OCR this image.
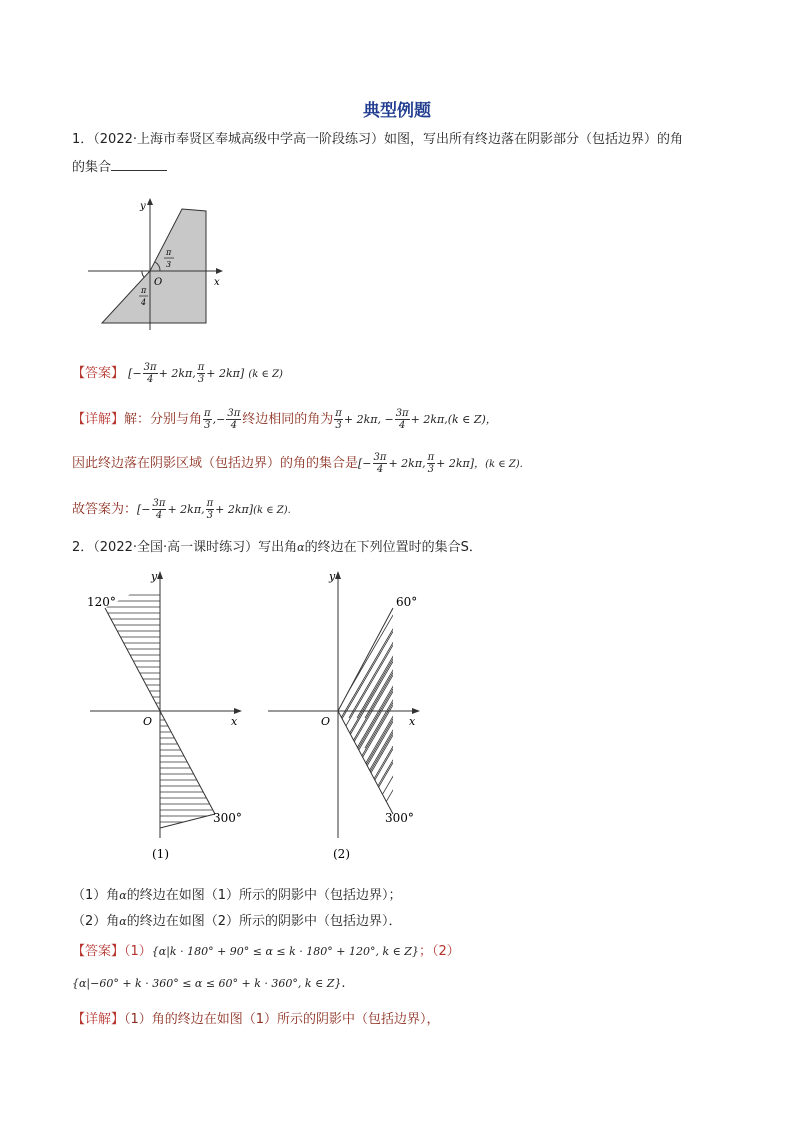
典型例题
1．（2022·上海市奉贤区奉城高级中学高一阶段练习）如图，写出所有终边落在阴影部分（包括边界）的角
的集合
y
x
O
π
3
π
4
【答案】 [− $\frac{3\pi}{4} + 2k\pi$, $\frac{\pi}{3} + 2k\pi$] (k ∈ Z)
【详解】解：分别与角 $\frac{\pi}{3}$ ,− $\frac{3\pi}{4}$ 终边相同的角为 $\frac{\pi}{3} + 2k\pi$, − $\frac{3\pi}{4} + 2k\pi,(k$ ∈ Z)，
因此终边落在阴影区域（包括边界）的角的集合是[− $\frac{3\pi}{4} + 2k\pi$, $\frac{\pi}{3} + 2k\pi$]，(k ∈ Z).
故答案为：[− $\frac{3\pi}{4} + 2k\pi$, $\frac{\pi}{3} + 2k\pi](k$ ∈ Z).
2．（2022·全国·高一课时练习）写出角α的终边在下列位置时的集合S．
120°
300°
y
x
O
(1)
60°
300°
y
x
O
(2)
（1）角α的终边在如图（1）所示的阴影中（包括边界）；
（2）角α的终边在如图（2）所示的阴影中（包括边界）．
【答案】（1）{α|k · 180° + 90° ≤ α ≤ k · 180° + 120°, k ∈ Z}；（2）
{α|−60° + k · 360° ≤ α ≤ 60° + k · 360°, k ∈ Z}.
【详解】（1）角的终边在如图（1）所示的阴影中（包括边界），
